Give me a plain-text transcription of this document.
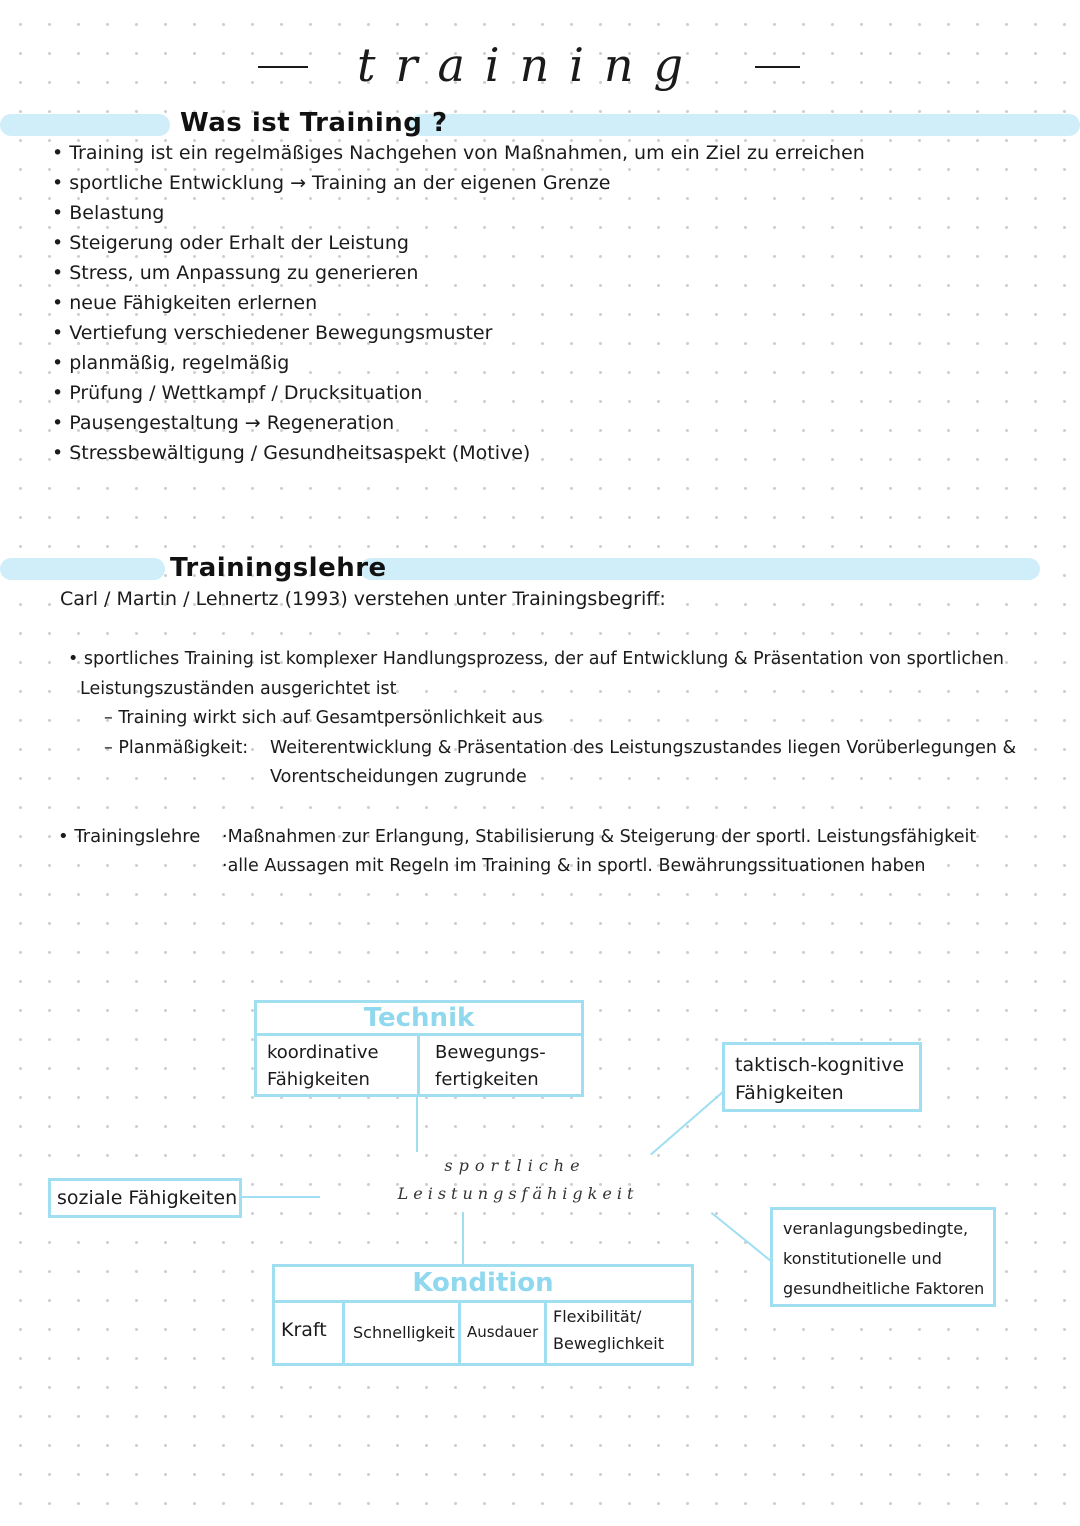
training
Was ist Training ?
• Training ist ein regelmäßiges Nachgehen von Maßnahmen, um ein Ziel zu erreichen
• sportliche Entwicklung → Training an der eigenen Grenze
• Belastung
• Steigerung oder Erhalt der Leistung
• Stress, um Anpassung zu generieren
• neue Fähigkeiten erlernen
• Vertiefung verschiedener Bewegungsmuster
• planmäßig, regelmäßig
• Prüfung / Wettkampf / Drucksituation
• Pausengestaltung → Regeneration
• Stressbewältigung / Gesundheitsaspekt (Motive)
Trainingslehre
Carl / Martin / Lehnertz (1993) verstehen unter Trainingsbegriff:
• sportliches Training ist komplexer Handlungsprozess, der auf Entwicklung & Präsentation von sportlichen
Leistungszuständen ausgerichtet ist
– Training wirkt sich auf Gesamtpersönlichkeit aus
– Planmäßigkeit: Weiterentwicklung & Präsentation des Leistungszustandes liegen Vorüberlegungen &
Vorentscheidungen zugrunde
• Trainingslehre ·Maßnahmen zur Erlangung, Stabilisierung & Steigerung der sportl. Leistungsfähigkeit
·alle Aussagen mit Regeln im Training & in sportl. Bewährungssituationen haben
sportliche
Leistungsfähigkeit
Technik
koordinative Fähigkeiten
Bewegungs-fertigkeiten
taktisch-kognitive Fähigkeiten
soziale Fähigkeiten
veranlagungsbedingte, konstitutionelle und gesundheitliche Faktoren
Kondition
Kraft Schnelligkeit Ausdauer
Flexibilität/ Beweglichkeit
